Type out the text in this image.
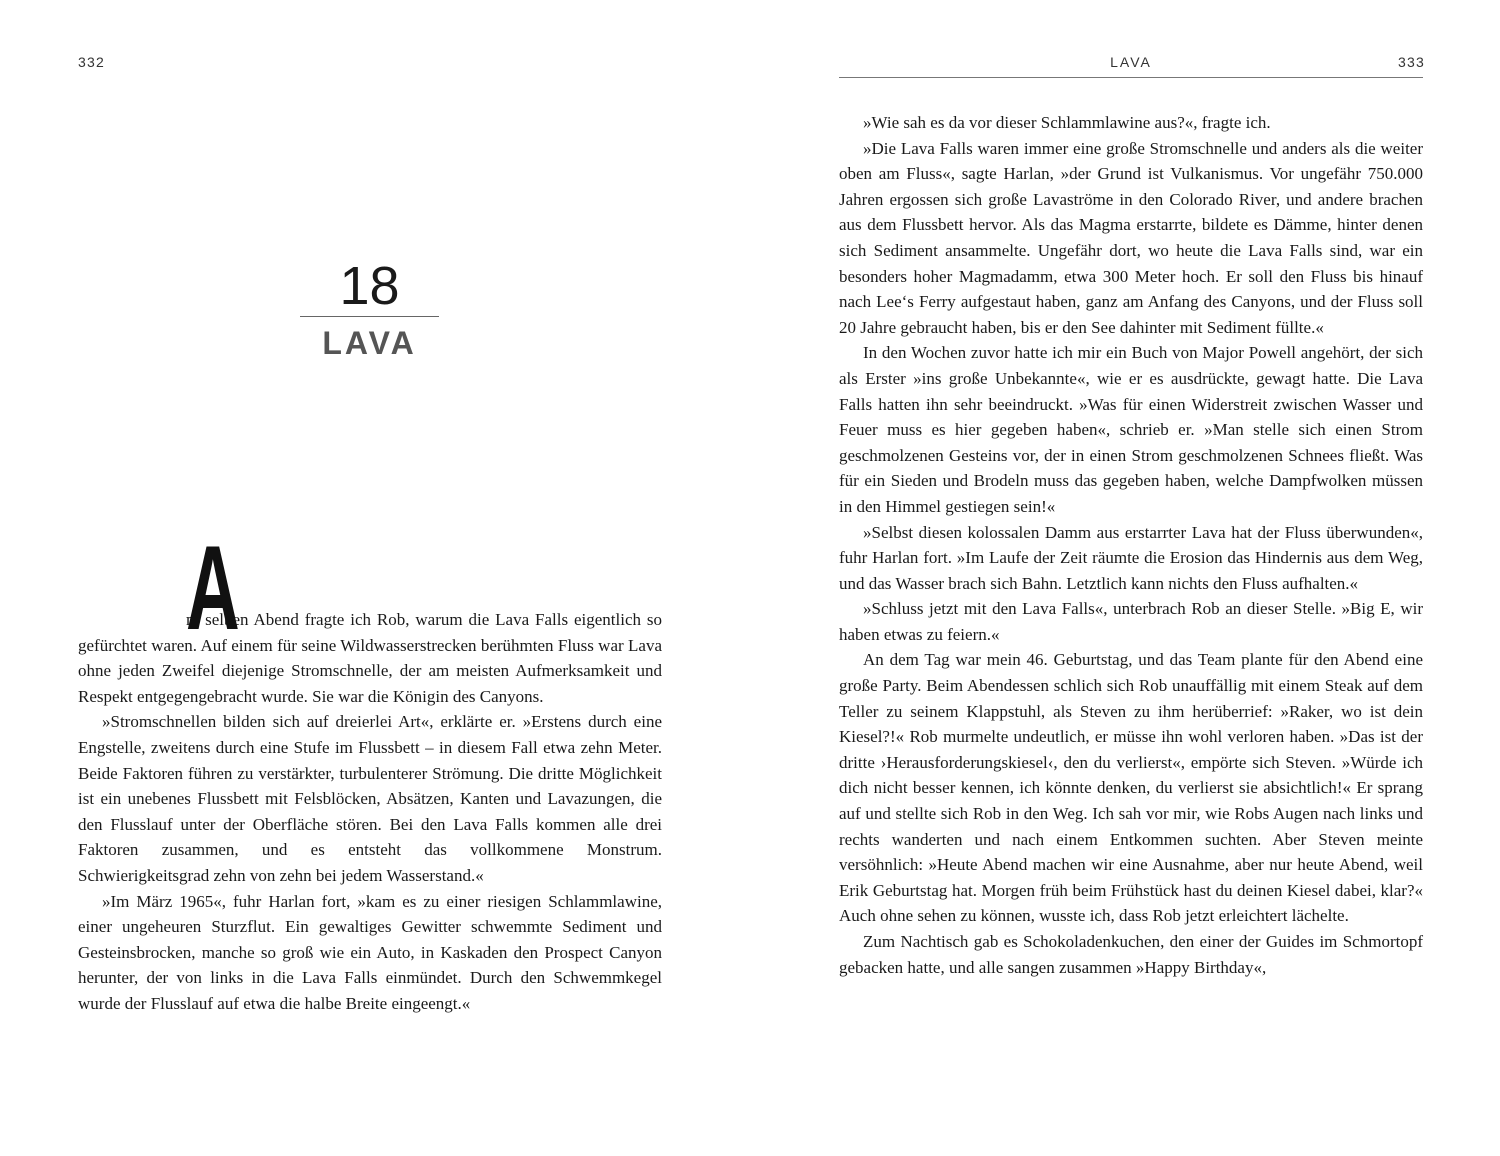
332
18
LAVA
A

m selben Abend fragte ich Rob, warum die Lava Falls eigentlich so gefürchtet waren. Auf einem für seine Wildwasserstrecken berühmten Fluss war Lava ohne jeden Zweifel diejenige Stromschnelle, der am meisten Aufmerksamkeit und Respekt entgegengebracht wurde. Sie war die Königin des Canyons.

»Stromschnellen bilden sich auf dreierlei Art«, erklärte er. »Erstens durch eine Engstelle, zweitens durch eine Stufe im Flussbett – in diesem Fall etwa zehn Meter. Beide Faktoren führen zu verstärkter, turbulenterer Strömung. Die dritte Möglichkeit ist ein unebenes Flussbett mit Felsblöcken, Absätzen, Kanten und Lavazungen, die den Flusslauf unter der Oberfläche stören. Bei den Lava Falls kommen alle drei Faktoren zusammen, und es entsteht das vollkommene Monstrum. Schwierigkeitsgrad zehn von zehn bei jedem Wasserstand.«

»Im März 1965«, fuhr Harlan fort, »kam es zu einer riesigen Schlammlawine, einer ungeheuren Sturzflut. Ein gewaltiges Gewitter schwemmte Sediment und Gesteinsbrocken, manche so groß wie ein Auto, in Kaskaden den Prospect Canyon herunter, der von links in die Lava Falls einmündet. Durch den Schwemmkegel wurde der Flusslauf auf etwa die halbe Breite eingeengt.«

LAVA	333

»Wie sah es da vor dieser Schlammlawine aus?«, fragte ich.

»Die Lava Falls waren immer eine große Stromschnelle und anders als die weiter oben am Fluss«, sagte Harlan, »der Grund ist Vulkanismus. Vor ungefähr 750.000 Jahren ergossen sich große Lavaströme in den Colorado River, und andere brachen aus dem Flussbett hervor. Als das Magma erstarrte, bildete es Dämme, hinter denen sich Sediment ansammelte. Ungefähr dort, wo heute die Lava Falls sind, war ein besonders hoher Magmadamm, etwa 300 Meter hoch. Er soll den Fluss bis hinauf nach Lee‘s Ferry aufgestaut haben, ganz am Anfang des Canyons, und der Fluss soll 20 Jahre gebraucht haben, bis er den See dahinter mit Sediment füllte.«

In den Wochen zuvor hatte ich mir ein Buch von Major Powell angehört, der sich als Erster »ins große Unbekannte«, wie er es ausdrückte, gewagt hatte. Die Lava Falls hatten ihn sehr beeindruckt. »Was für einen Widerstreit zwischen Wasser und Feuer muss es hier gegeben haben«, schrieb er. »Man stelle sich einen Strom geschmolzenen Gesteins vor, der in einen Strom geschmolzenen Schnees fließt. Was für ein Sieden und Brodeln muss das gegeben haben, welche Dampfwolken müssen in den Himmel gestiegen sein!«

»Selbst diesen kolossalen Damm aus erstarrter Lava hat der Fluss überwunden«, fuhr Harlan fort. »Im Laufe der Zeit räumte die Erosion das Hindernis aus dem Weg, und das Wasser brach sich Bahn. Letztlich kann nichts den Fluss aufhalten.«

»Schluss jetzt mit den Lava Falls«, unterbrach Rob an dieser Stelle. »Big E, wir haben etwas zu feiern.«

An dem Tag war mein 46. Geburtstag, und das Team plante für den Abend eine große Party. Beim Abendessen schlich sich Rob unauffällig mit einem Steak auf dem Teller zu seinem Klappstuhl, als Steven zu ihm herüberrief: »Raker, wo ist dein Kiesel?!« Rob murmelte undeutlich, er müsse ihn wohl verloren haben. »Das ist der dritte ›Herausforderungskiesel‹, den du verlierst«, empörte sich Steven. »Würde ich dich nicht besser kennen, ich könnte denken, du verlierst sie absichtlich!« Er sprang auf und stellte sich Rob in den Weg. Ich sah vor mir, wie Robs Augen nach links und rechts wanderten und nach einem Entkommen suchten. Aber Steven meinte versöhnlich: »Heute Abend machen wir eine Ausnahme, aber nur heute Abend, weil Erik Geburtstag hat. Morgen früh beim Frühstück hast du deinen Kiesel dabei, klar?« Auch ohne sehen zu können, wusste ich, dass Rob jetzt erleichtert lächelte.

Zum Nachtisch gab es Schokoladenkuchen, den einer der Guides im Schmortopf gebacken hatte, und alle sangen zusammen »Happy Birthday«,
